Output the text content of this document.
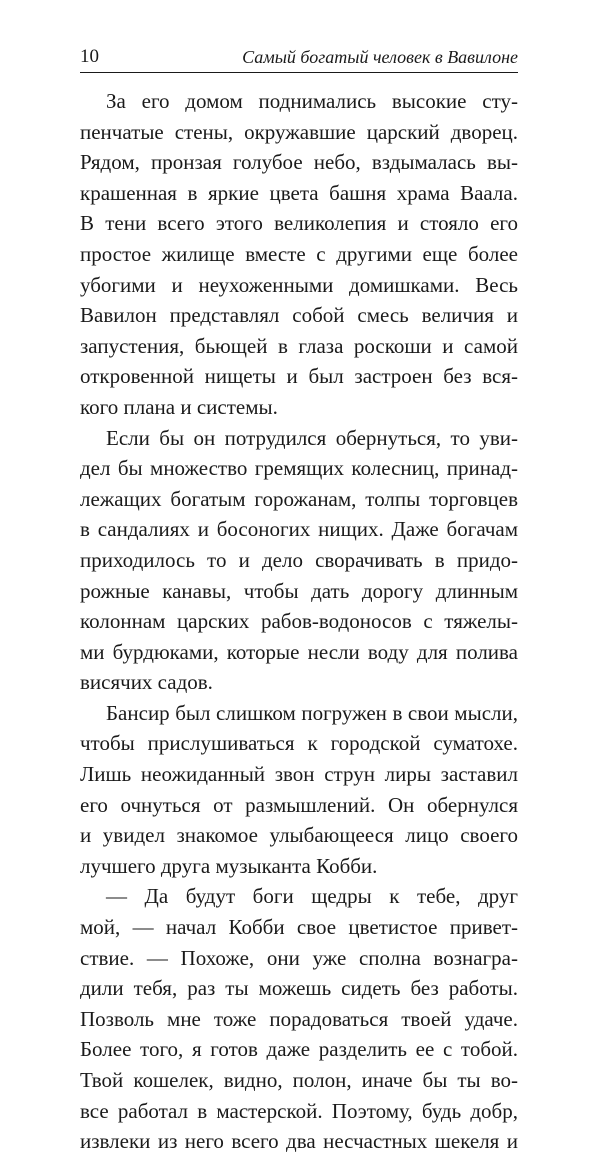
10	Самый богатый человек в Вавилоне
За его домом поднимались высокие сту-
пенчатые стены, окружавшие царский дворец.
Рядом, пронзая голубое небо, вздымалась вы-
крашенная в яркие цвета башня храма Ваала.
В тени всего этого великолепия и стояло его
простое жилище вместе с другими еще более
убогими и неухоженными домишками. Весь
Вавилон представлял собой смесь величия и
запустения, бьющей в глаза роскоши и самой
откровенной нищеты и был застроен без вся-
кого плана и системы.
Если бы он потрудился обернуться, то уви-
дел бы множество гремящих колесниц, принад-
лежащих богатым горожанам, толпы торговцев
в сандалиях и босоногих нищих. Даже богачам
приходилось то и дело сворачивать в придо-
рожные канавы, чтобы дать дорогу длинным
колоннам царских рабов-водоносов с тяжелы-
ми бурдюками, которые несли воду для полива
висячих садов.
Бансир был слишком погружен в свои мысли,
чтобы прислушиваться к городской суматохе.
Лишь неожиданный звон струн лиры заставил
его очнуться от размышлений. Он обернулся
и увидел знакомое улыбающееся лицо своего
лучшего друга музыканта Кобби.
— Да будут боги щедры к тебе, друг
мой, — начал Кобби свое цветистое привет-
ствие. — Похоже, они уже сполна вознагра-
дили тебя, раз ты можешь сидеть без работы.
Позволь мне тоже порадоваться твоей удаче.
Более того, я готов даже разделить ее с тобой.
Твой кошелек, видно, полон, иначе бы ты во-
все работал в мастерской. Поэтому, будь добр,
извлеки из него всего два несчастных шекеля и
